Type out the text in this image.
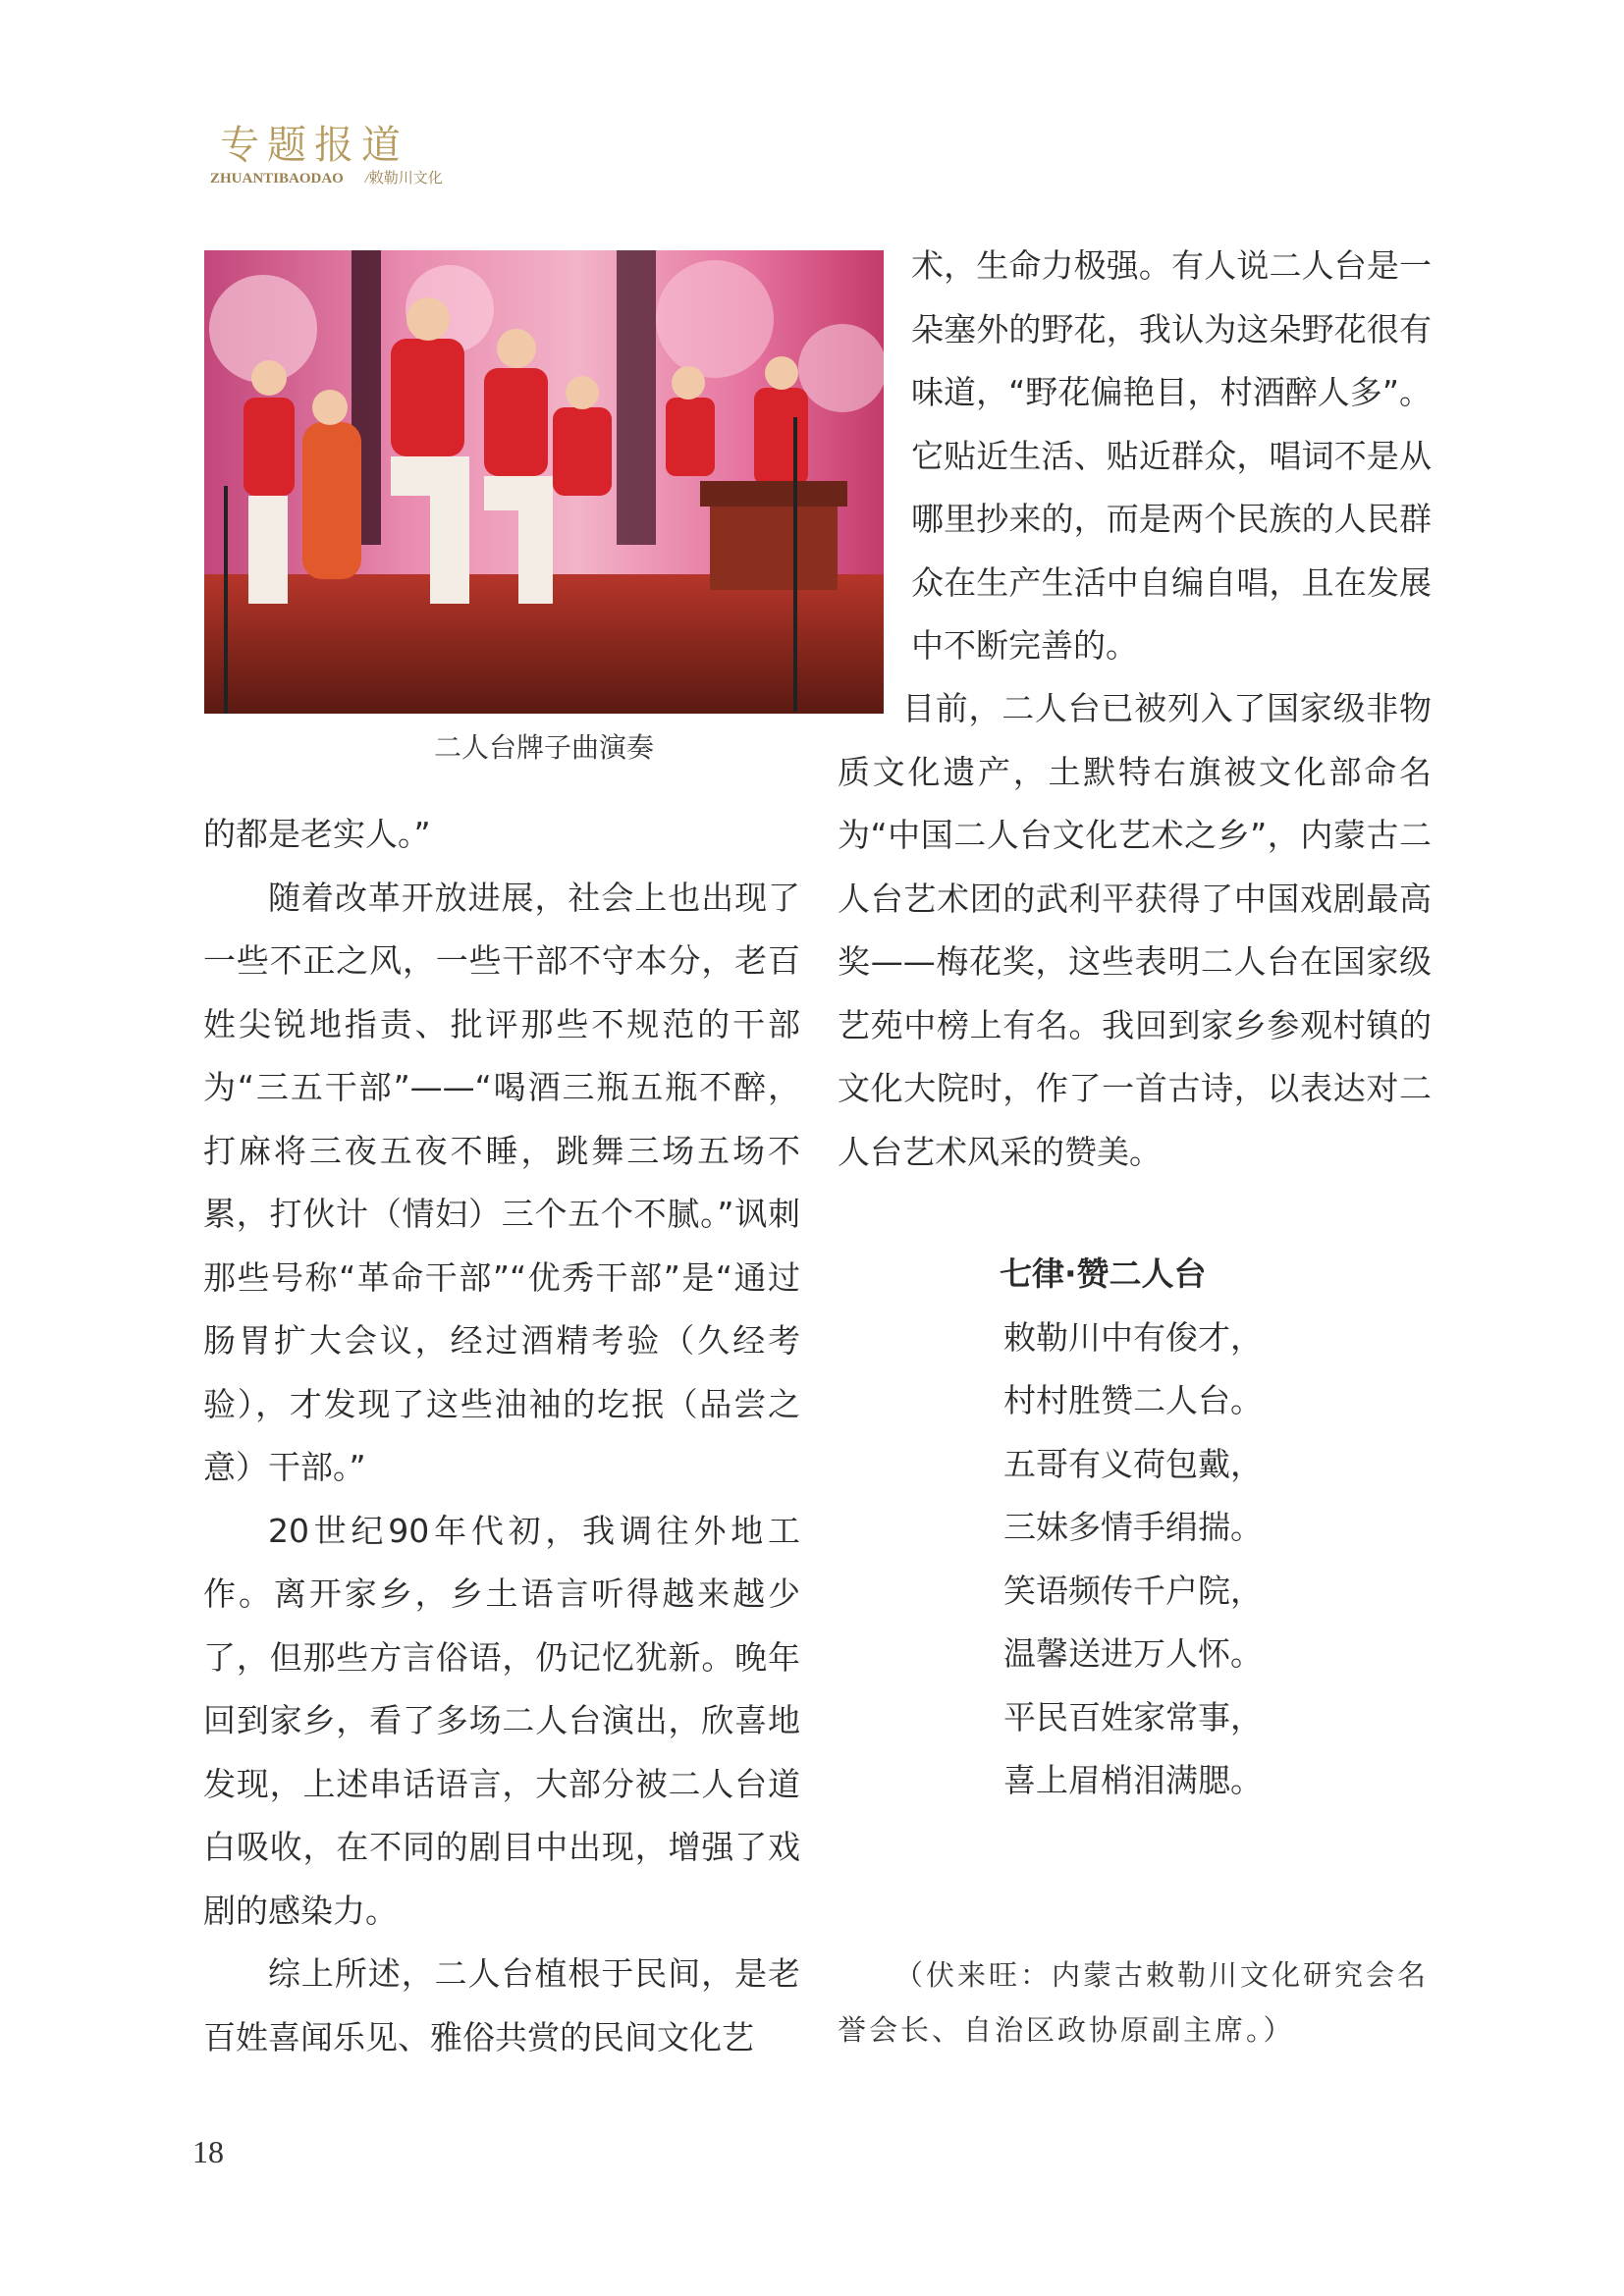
专题报道
ZHUANTIBAODAO /敕勒川文化
二人台牌子曲演奏

术，生命力极强。有人说二人台是一朵塞外的野花，我认为这朵野花很有味道，“野花偏艳目，村酒醉人多”。它贴近生活、贴近群众，唱词不是从哪里抄来的，而是两个民族的人民群众在生产生活中自编自唱，且在发展中不断完善的。

的都是老实人。”

随着改革开放进展，社会上也出现了一些不正之风，一些干部不守本分，老百姓尖锐地指责、批评那些不规范的干部为“三五干部”——“喝酒三瓶五瓶不醉，打麻将三夜五夜不睡，跳舞三场五场不累，打伙计（情妇）三个五个不腻。”讽刺那些号称“革命干部”“优秀干部”是“通过肠胃扩大会议，经过酒精考验（久经考验），才发现了这些油袖的圪抿（品尝之意）干部。”

20世纪90年代初，我调往外地工作。离开家乡，乡土语言听得越来越少了，但那些方言俗语，仍记忆犹新。晚年回到家乡，看了多场二人台演出，欣喜地发现，上述串话语言，大部分被二人台道白吸收，在不同的剧目中出现，增强了戏剧的感染力。

综上所述，二人台植根于民间，是老百姓喜闻乐见、雅俗共赏的民间文化艺

目前，二人台已被列入了国家级非物质文化遗产，土默特右旗被文化部命名为“中国二人台文化艺术之乡”，内蒙古二人台艺术团的武利平获得了中国戏剧最高奖——梅花奖，这些表明二人台在国家级艺苑中榜上有名。我回到家乡参观村镇的文化大院时，作了一首古诗，以表达对二人台艺术风采的赞美。

七律·赞二人台
敕勒川中有俊才，
村村胜赞二人台。
五哥有义荷包戴，
三妹多情手绢揣。
笑语频传千户院，
温馨送进万人怀。
平民百姓家常事，
喜上眉梢泪满腮。
（伏来旺：内蒙古敕勒川文化研究会名誉会长、自治区政协原副主席。）
18
